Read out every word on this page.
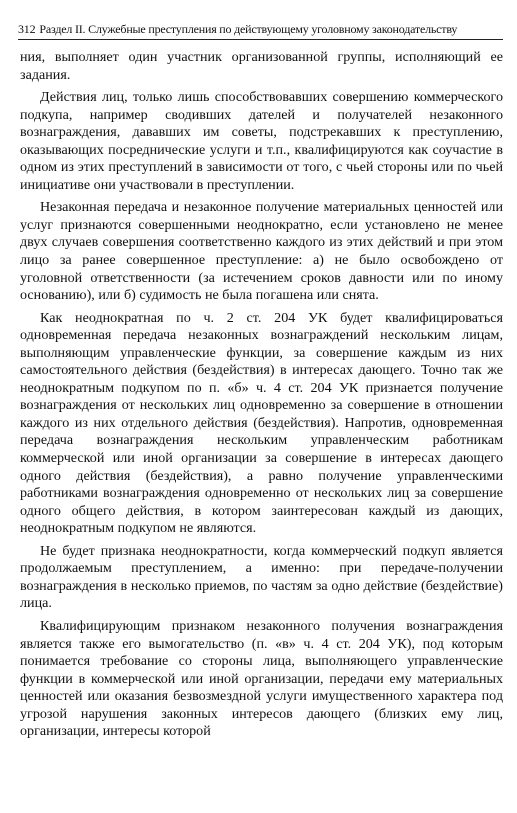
312 Раздел II. Служебные преступления по действующему уголовному законодательству

ния, выполняет один участник организованной группы, исполняющий ее задания.

Действия лиц, только лишь способствовавших совершению коммерческого подкупа, например сводивших дателей и получателей незаконного вознаграждения, дававших им советы, подстрекавших к преступлению, оказывающих посреднические услуги и т.п., квалифицируются как соучастие в одном из этих преступлений в зависимости от того, с чьей стороны или по чьей инициативе они участвовали в преступлении.

Незаконная передача и незаконное получение материальных ценностей или услуг признаются совершенными неоднократно, если установлено не менее двух случаев совершения соответственно каждого из этих действий и при этом лицо за ранее совершенное преступление: а) не было освобождено от уголовной ответственности (за истечением сроков давности или по иному основанию), или б) судимость не была погашена или снята.

Как неоднократная по ч. 2 ст. 204 УК будет квалифицироваться одновременная передача незаконных вознаграждений нескольким лицам, выполняющим управленческие функции, за совершение каждым из них самостоятельного действия (бездействия) в интересах дающего. Точно так же неоднократным подкупом по п. «б» ч. 4 ст. 204 УК признается получение вознаграждения от нескольких лиц одновременно за совершение в отношении каждого из них отдельного действия (бездействия). Напротив, одновременная передача вознаграждения нескольким управленческим работникам коммерческой или иной организации за совершение в интересах дающего одного действия (бездействия), а равно получение управленческими работниками вознаграждения одновременно от нескольких лиц за совершение одного общего действия, в котором заинтересован каждый из дающих, неоднократным подкупом не являются.

Не будет признака неоднократности, когда коммерческий подкуп является продолжаемым преступлением, а именно: при передаче-получении вознаграждения в несколько приемов, по частям за одно действие (бездействие) лица.

Квалифицирующим признаком незаконного получения вознаграждения является также его вымогательство (п. «в» ч. 4 ст. 204 УК), под которым понимается требование со стороны лица, выполняющего управленческие функции в коммерческой или иной организации, передачи ему материальных ценностей или оказания безвозмездной услуги имущественного характера под угрозой нарушения законных интересов дающего (близких ему лиц, организации, интересы которой
